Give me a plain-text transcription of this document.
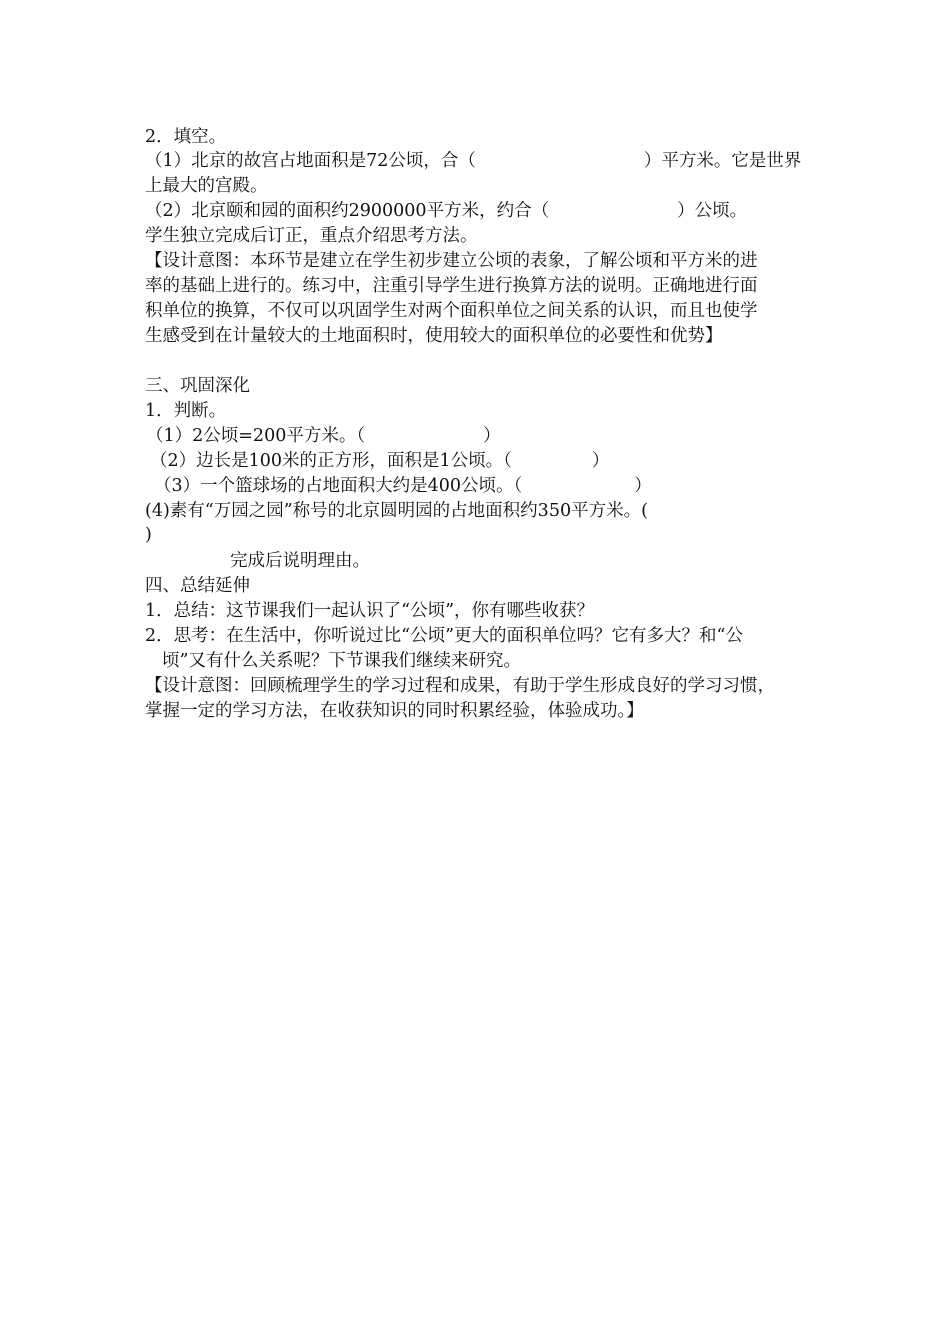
2．填空。
（1）北京的故宫占地面积是72公顷，合（	）平方米。它是世界
上最大的宫殿。
（2）北京颐和园的面积约2900000平方米，约合（	）公顷。
学生独立完成后订正，重点介绍思考方法。
【设计意图：本环节是建立在学生初步建立公顷的表象，了解公顷和平方米的进
率的基础上进行的。练习中，注重引导学生进行换算方法的说明。正确地进行面
积单位的换算，不仅可以巩固学生对两个面积单位之间关系的认识，而且也使学
生感受到在计量较大的土地面积时，使用较大的面积单位的必要性和优势】
三、巩固深化
1．判断。
（1）2公顷=200平方米。（	）
（2）边长是100米的正方形，面积是1公顷。（	）
（3）一个篮球场的占地面积大约是400公顷。（	）
(4)素有“万园之园”称号的北京圆明园的占地面积约350平方米。(
)
完成后说明理由。
四、总结延伸
1．总结：这节课我们一起认识了“公顷”，你有哪些收获？
2．思考：在生活中，你听说过比“公顷”更大的面积单位吗？它有多大？和“公
顷”又有什么关系呢？下节课我们继续来研究。
【设计意图：回顾梳理学生的学习过程和成果，有助于学生形成良好的学习习惯，
掌握一定的学习方法，在收获知识的同时积累经验，体验成功。】
